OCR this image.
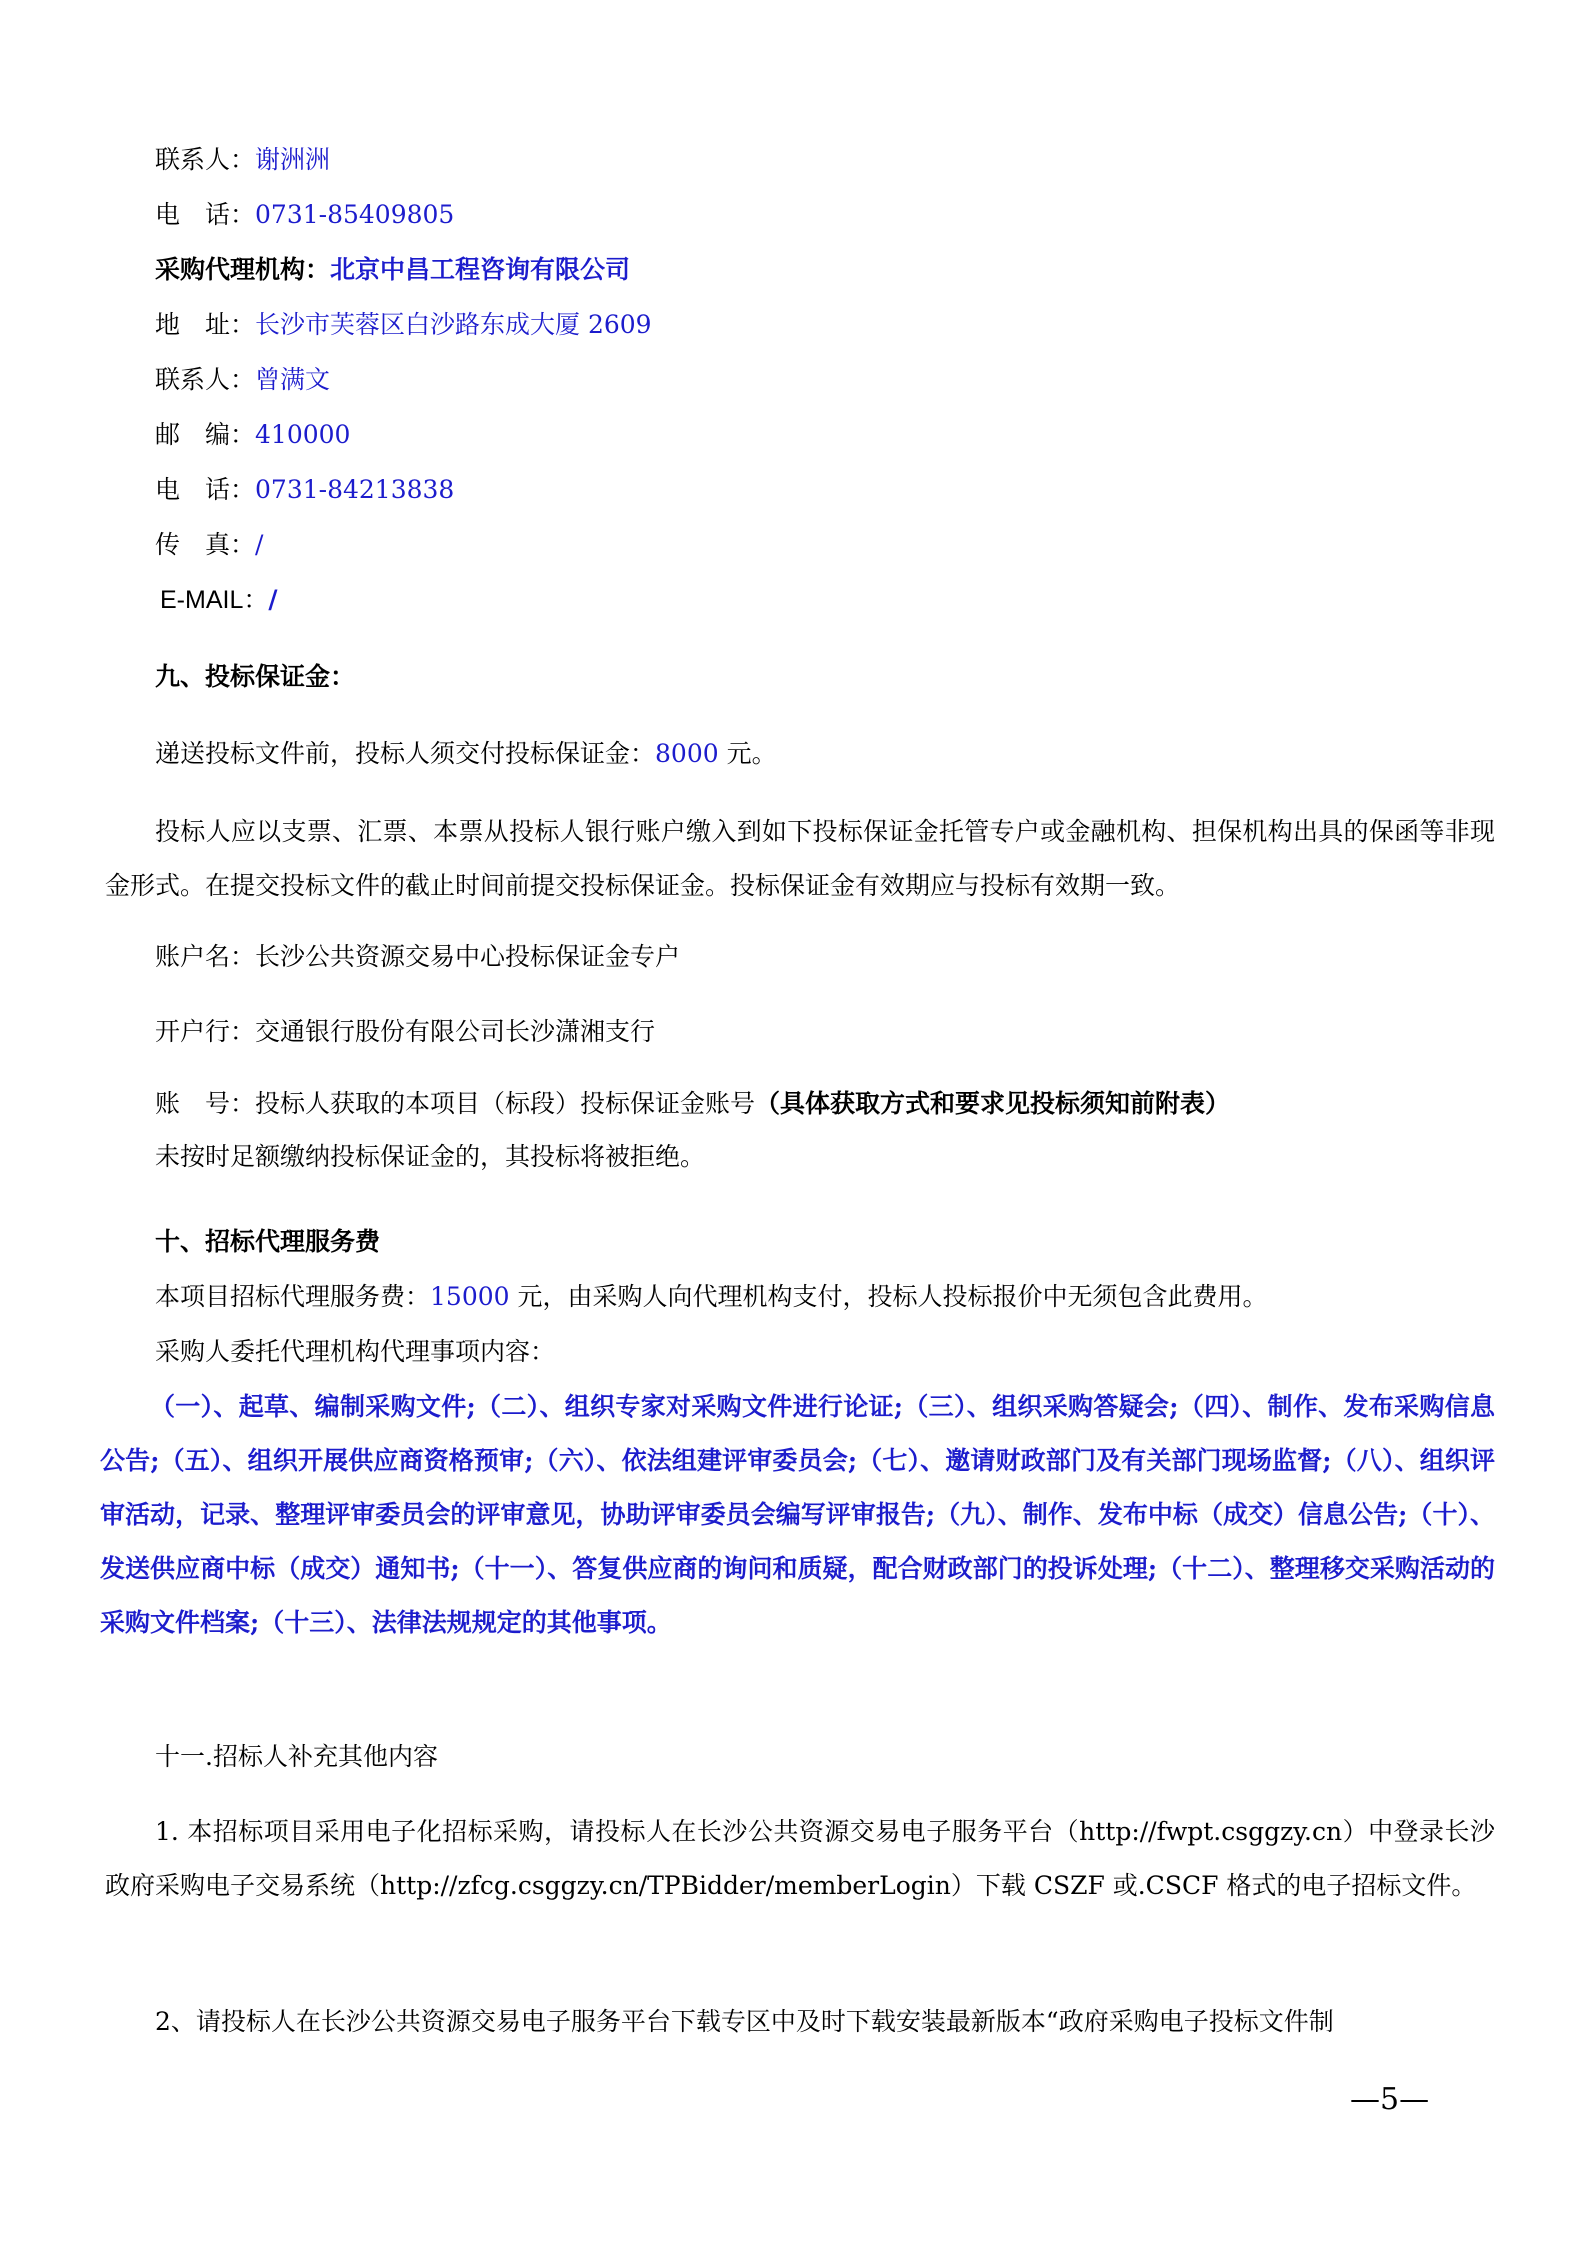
联系人：谢洲洲
电　话：0731-85409805
采购代理机构：北京中昌工程咨询有限公司
地　址：长沙市芙蓉区白沙路东成大厦 2609
联系人：曾满文
邮　编：410000
电　话：0731-84213838
传　真：/
E-MAIL：/
九、投标保证金：
递送投标文件前，投标人须交付投标保证金：8000 元。
投标人应以支票、汇票、本票从投标人银行账户缴入到如下投标保证金托管专户或金融机构、担保机构出具的保函等非现金形式。在提交投标文件的截止时间前提交投标保证金。投标保证金有效期应与投标有效期一致。
账户名：长沙公共资源交易中心投标保证金专户
开户行：交通银行股份有限公司长沙潇湘支行
账　号：投标人获取的本项目（标段）投标保证金账号（具体获取方式和要求见投标须知前附表）
未按时足额缴纳投标保证金的，其投标将被拒绝。
十、招标代理服务费
本项目招标代理服务费：15000 元，由采购人向代理机构支付，投标人投标报价中无须包含此费用。
采购人委托代理机构代理事项内容：
（一）、起草、编制采购文件;（二）、组织专家对采购文件进行论证;（三）、组织采购答疑会;（四）、制作、发布采购信息公告;（五）、组织开展供应商资格预审;（六）、依法组建评审委员会;（七）、邀请财政部门及有关部门现场监督;（八）、组织评审活动，记录、整理评审委员会的评审意见，协助评审委员会编写评审报告;（九）、制作、发布中标（成交）信息公告;（十）、发送供应商中标（成交）通知书;（十一）、答复供应商的询问和质疑，配合财政部门的投诉处理;（十二）、整理移交采购活动的采购文件档案;（十三）、法律法规规定的其他事项。
十一.招标人补充其他内容
1. 本招标项目采用电子化招标采购，请投标人在长沙公共资源交易电子服务平台（http://fwpt.csggzy.cn）中登录长沙政府采购电子交易系统（http://zfcg.csggzy.cn/TPBidder/memberLogin）下载 CSZF 或.CSCF 格式的电子招标文件。
2、请投标人在长沙公共资源交易电子服务平台下载专区中及时下载安装最新版本“政府采购电子投标文件制
—5—
